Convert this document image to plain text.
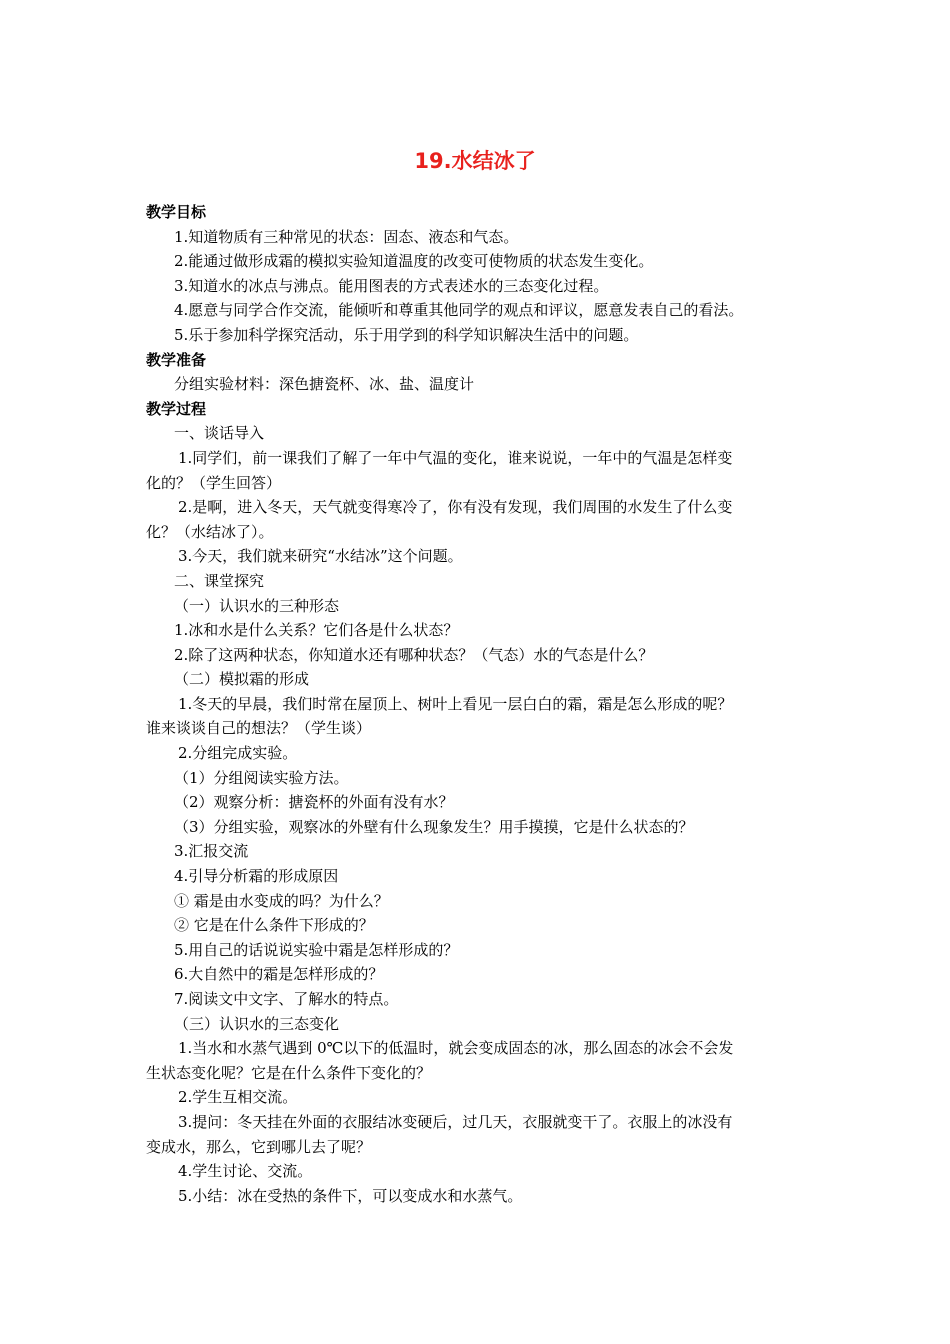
19.水结冰了
教学目标
1.知道物质有三种常见的状态：固态、液态和气态。
2.能通过做形成霜的模拟实验知道温度的改变可使物质的状态发生变化。
3.知道水的冰点与沸点。能用图表的方式表述水的三态变化过程。
4.愿意与同学合作交流，能倾听和尊重其他同学的观点和评议，愿意发表自己的看法。
5.乐于参加科学探究活动，乐于用学到的科学知识解决生活中的问题。
教学准备
分组实验材料：深色搪瓷杯、冰、盐、温度计
教学过程
一、谈话导入
1.同学们，前一课我们了解了一年中气温的变化，谁来说说，一年中的气温是怎样变
化的？（学生回答）
2.是啊，进入冬天，天气就变得寒冷了，你有没有发现，我们周围的水发生了什么变
化？（水结冰了）。
3.今天，我们就来研究“水结冰”这个问题。
二、课堂探究
（一）认识水的三种形态
1.冰和水是什么关系？它们各是什么状态？
2.除了这两种状态，你知道水还有哪种状态？（气态）水的气态是什么？
（二）模拟霜的形成
1.冬天的早晨，我们时常在屋顶上、树叶上看见一层白白的霜，霜是怎么形成的呢？
谁来谈谈自己的想法？（学生谈）
2.分组完成实验。
（1）分组阅读实验方法。
（2）观察分析：搪瓷杯的外面有没有水？
（3）分组实验，观察冰的外壁有什么现象发生？用手摸摸，它是什么状态的？
3.汇报交流
4.引导分析霜的形成原因
① 霜是由水变成的吗？为什么？
② 它是在什么条件下形成的？
5.用自己的话说说实验中霜是怎样形成的？
6.大自然中的霜是怎样形成的？
7.阅读文中文字、了解水的特点。
（三）认识水的三态变化
1.当水和水蒸气遇到 0℃以下的低温时，就会变成固态的冰，那么固态的冰会不会发
生状态变化呢？它是在什么条件下变化的？
2.学生互相交流。
3.提问：冬天挂在外面的衣服结冰变硬后，过几天，衣服就变干了。衣服上的冰没有
变成水，那么，它到哪儿去了呢？
4.学生讨论、交流。
5.小结：冰在受热的条件下，可以变成水和水蒸气。
